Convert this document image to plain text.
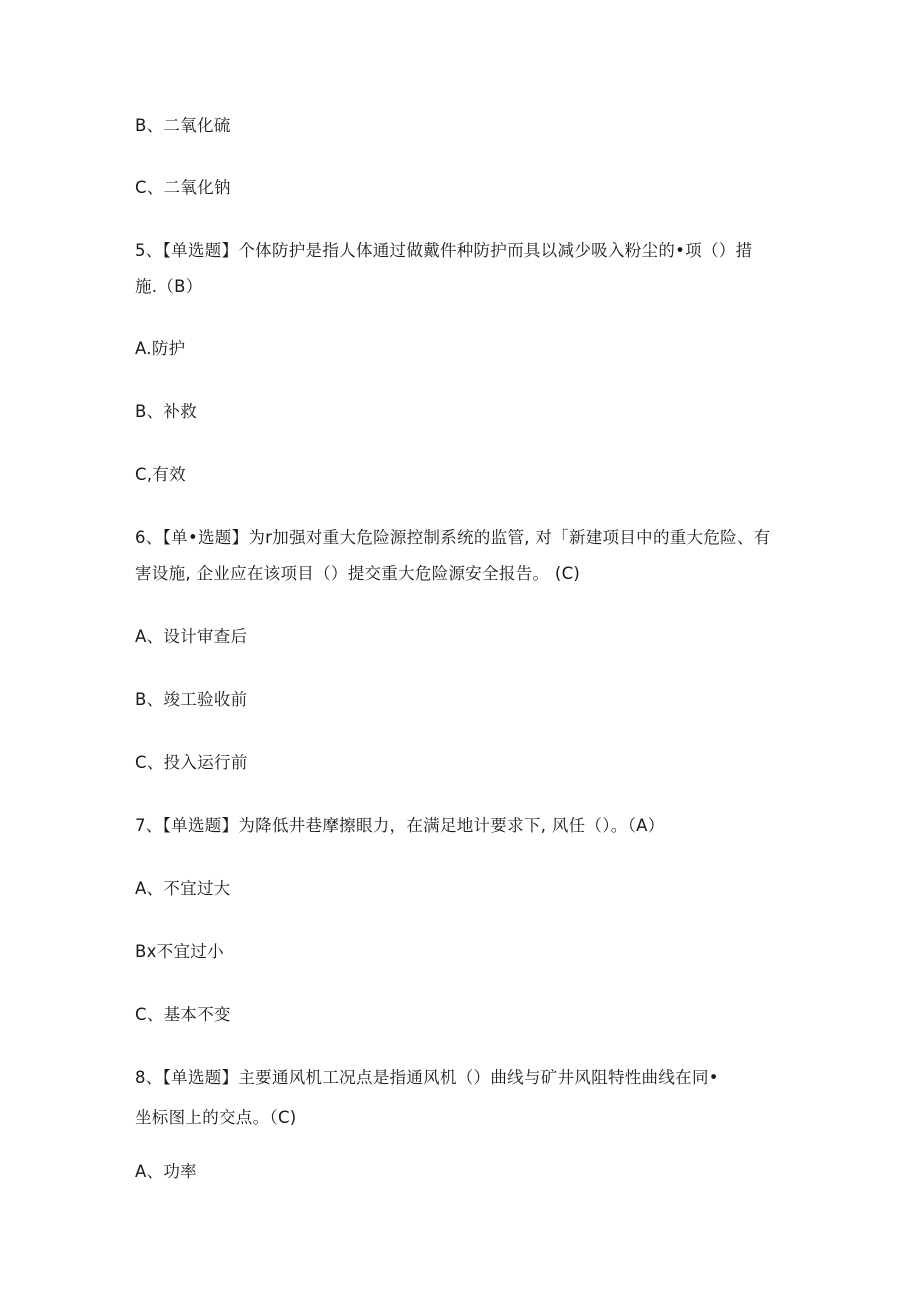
B、二氧化硫
C、二氧化钠
5、【单选题】个体防护是指人体通过做戴件种防护而具以减少吸入粉尘的•项（）措
施.（B）
A.防护
B、补救
C,有效
6、【单•选题】为r加强对重大危险源控制系统的监管, 对「新建项目中的重大危险、有
害设施, 企业应在该项目（）提交重大危险源安全报告。 (C)
A、设计审查后
B、竣工验收前
C、投入运行前
7、【单选题】为降低井巷摩擦眼力，在满足地计要求下, 风任（）。（A）
A、不宜过大
Bx不宜过小
C、基本不变
8、【单选题】主要通风机工况点是指通风机（）曲线与矿井风阻特性曲线在同•
坐标图上的交点。（C)
A、功率
